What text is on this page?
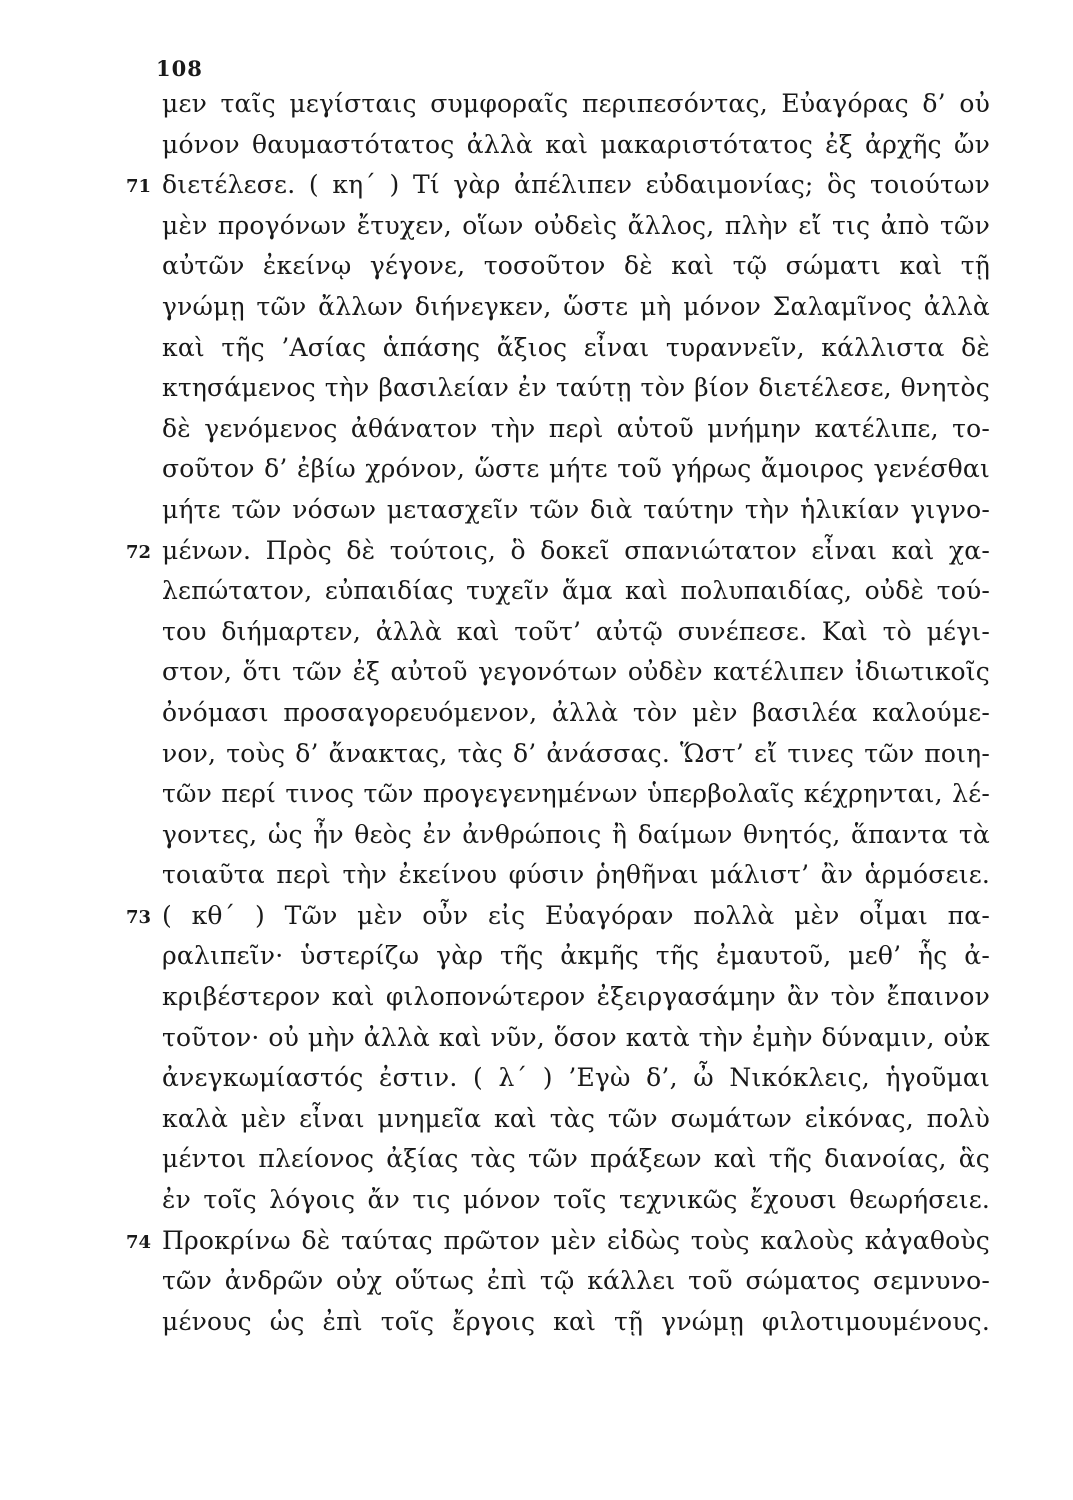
108
μεν ταῖς μεγίσταις συμφοραῖς περιπεσόντας, Εὐαγόρας δ’ οὐ
μόνον θαυμαστότατος ἀλλὰ καὶ μακαριστότατος ἐξ ἀρχῆς ὤν
71 διετέλεσε. ( κη΄ ) Τί γὰρ ἀπέλιπεν εὐδαιμονίας; ὃς τοιούτων
μὲν προγόνων ἔτυχεν, οἵων οὐδεὶς ἄλλος, πλὴν εἴ τις ἀπὸ τῶν
αὐτῶν ἐκείνῳ γέγονε, τοσοῦτον δὲ καὶ τῷ σώματι καὶ τῇ
γνώμῃ τῶν ἄλλων διήνεγκεν, ὥστε μὴ μόνον Σαλαμῖνος ἀλλὰ
καὶ τῆς ’Ασίας ἁπάσης ἄξιος εἶναι τυραννεῖν, κάλλιστα δὲ
κτησάμενος τὴν βασιλείαν ἐν ταύτῃ τὸν βίον διετέλεσε, θνητὸς
δὲ γενόμενος ἀθάνατον τὴν περὶ αὑτοῦ μνήμην κατέλιπε, το-
σοῦτον δ’ ἐβίω χρόνον, ὥστε μήτε τοῦ γήρως ἄμοιρος γενέσθαι
μήτε τῶν νόσων μετασχεῖν τῶν διὰ ταύτην τὴν ἡλικίαν γιγνο-
72 μένων. Πρὸς δὲ τούτοις, ὃ δοκεῖ σπανιώτατον εἶναι καὶ χα-
λεπώτατον, εὐπαιδίας τυχεῖν ἅμα καὶ πολυπαιδίας, οὐδὲ τού-
του διήμαρτεν, ἀλλὰ καὶ τοῦτ’ αὐτῷ συνέπεσε. Καὶ τὸ μέγι-
στον, ὅτι τῶν ἐξ αὐτοῦ γεγονότων οὐδὲν κατέλιπεν ἰδιωτικοῖς
ὀνόμασι προσαγορευόμενον, ἀλλὰ τὸν μὲν βασιλέα καλούμε-
νον, τοὺς δ’ ἄνακτας, τὰς δ’ ἀνάσσας. Ὥστ’ εἴ τινες τῶν ποιη-
τῶν περί τινος τῶν προγεγενημένων ὑπερβολαῖς κέχρηνται, λέ-
γοντες, ὡς ἦν θεὸς ἐν ἀνθρώποις ἢ δαίμων θνητός, ἅπαντα τὰ
τοιαῦτα περὶ τὴν ἐκείνου φύσιν ῥηθῆναι μάλιστ’ ἂν ἁρμόσειε.
73 ( κθ΄ ) Τῶν μὲν οὖν εἰς Εὐαγόραν πολλὰ μὲν οἶμαι πα-
ραλιπεῖν· ὑστερίζω γὰρ τῆς ἀκμῆς τῆς ἐμαυτοῦ, μεθ’ ἧς ἀ-
κριβέστερον καὶ φιλοπονώτερον ἐξειργασάμην ἂν τὸν ἔπαινον
τοῦτον· οὐ μὴν ἀλλὰ καὶ νῦν, ὅσον κατὰ τὴν ἐμὴν δύναμιν, οὐκ
ἀνεγκωμίαστός ἐστιν. ( λ΄ ) ’Εγὼ δ’, ὦ Νικόκλεις, ἡγοῦμαι
καλὰ μὲν εἶναι μνημεῖα καὶ τὰς τῶν σωμάτων εἰκόνας, πολὺ
μέντοι πλείονος ἀξίας τὰς τῶν πράξεων καὶ τῆς διανοίας, ἃς
ἐν τοῖς λόγοις ἄν τις μόνον τοῖς τεχνικῶς ἔχουσι θεωρήσειε.
74 Προκρίνω δὲ ταύτας πρῶτον μὲν εἰδὼς τοὺς καλοὺς κἀγαθοὺς
τῶν ἀνδρῶν οὐχ οὕτως ἐπὶ τῷ κάλλει τοῦ σώματος σεμνυνο-
μένους ὡς ἐπὶ τοῖς ἔργοις καὶ τῇ γνώμῃ φιλοτιμουμένους.
